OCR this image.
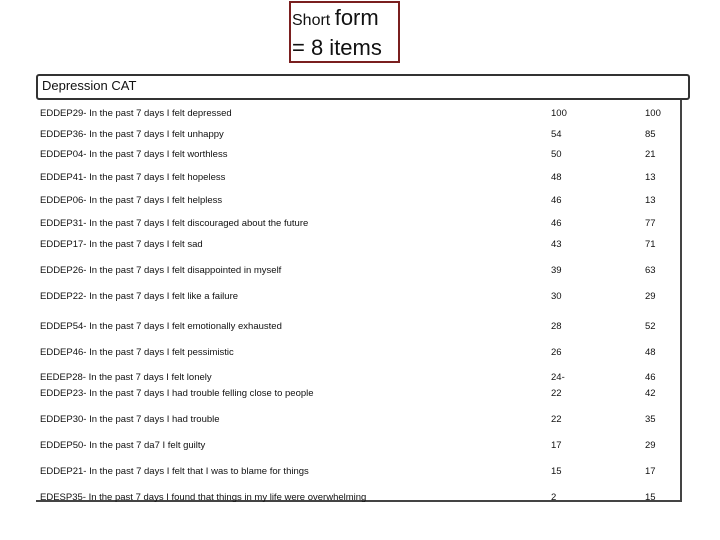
Short form
= 8 items
Depression CAT
EDDEP29- In the past 7 days I felt depressed	100	100
EDDEP36- In the past 7 days I felt unhappy	54	85
EDDEP04- In the past 7 days I felt worthless	50	21
EDDEP41- In the past 7 days I felt hopeless	48	13
EDDEP06- In the past 7 days I felt helpless	46	13
EDDEP31- In the past 7 days I felt discouraged about the future	46	77
EDDEP17- In the past 7 days I felt sad	43	71
EDDEP26- In the past 7 days I felt disappointed in myself	39	63
EDDEP22- In the past 7 days I felt like a failure	30	29
EDDEP54- In the past 7 days I felt emotionally exhausted	28	52
EDDEP46- In the past 7 days I felt pessimistic	26	48
EEDEP28- In the past 7 days I felt lonely	24-	46
EDDEP23- In the past 7 days I had trouble felling close to people	22	42
EDDEP30- In the past 7 days I had trouble	22	35
EDDEP50- In the past 7 da7 I felt guilty	17	29
EDDEP21- In the past 7 days I felt that I was to blame for things	15	17
EDESP35- In the past 7 days I found that things in my life were overwhelming	2	15
